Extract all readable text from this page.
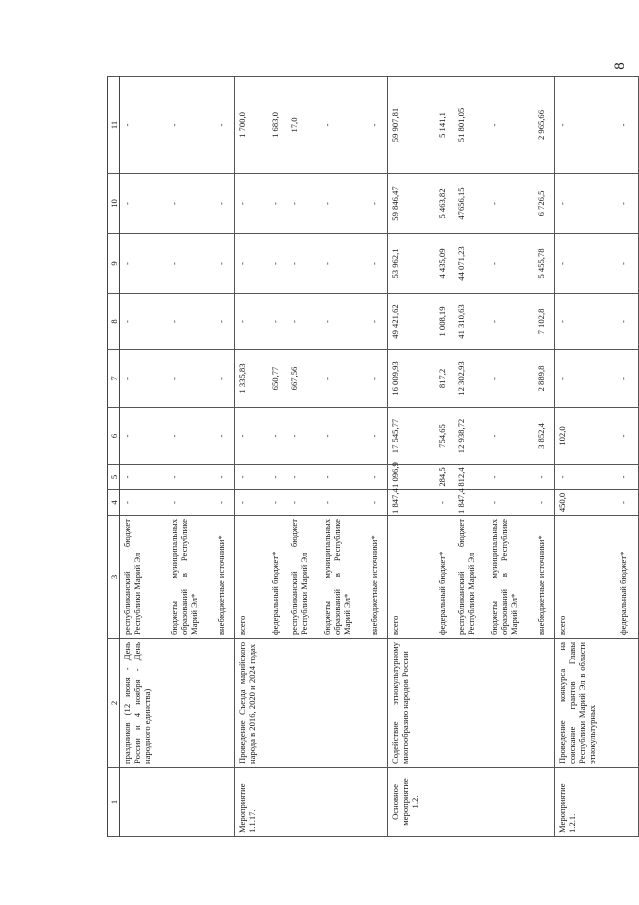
8
1	2	3	4	5	6	7	8	9	10	11
	праздников (12 июня - День России и 4 ноября - День народного единства)	республиканский бюджет Республики Марий Эл	-	-	-	-	-	-	-	-
		бюджеты муниципальных образований в Республике Марий Эл*	-	-	-	-	-	-	-	-
		внебюджетные источники*	-	-	-	-	-	-	-	-
Мероприятие 1.1.17.	Проведение Съезда марийского народа в 2016, 2020 и 2024 годах	всего	-	-	-	1 335,83	-	-	-	1 700,0
		федеральный бюджет*	-	-	-	650,77	-	-	-	1 683,0
		республиканский бюджет Республики Марий Эл	-	-	-	667,56	-	-	-	17,0
		бюджеты муниципальных образований в Республике Марий Эл*	-	-	-	-	-	-	-	-
		внебюджетные источники*	-	-	-	-	-	-	-	-
Основное мероприятие 1.2.	Содействие этнокультурному многообразию народов России	всего	1 847,4	1 096,9	17 545,77	16 009,93	49 421,62	53 962,1	59 846,47	59 907,81
		федеральный бюджет*	-	284,5	754,65	817,2	1 008,19	4 435,09	5 463,82	5 141,1
		республиканский бюджет Республики Марий Эл	1 847,4	812,4	12 938,72	12 302,93	41 310,63	44 071,23	47656,15	51 801,05
		бюджеты муниципальных образований в Республике Марий Эл*	-	-	-	-	-	-	-	-
		внебюджетные источники*	-	-	3 852,4	2 889,8	7 102,8	5 455,78	6 726,5	2 965,66
Мероприятие 1.2.1.	Проведение конкурса на соискание грантов Главы Республики Марий Эл в области этнокультурных	всего	450,0	-	102,0	-	-	-	-	-
		федеральный бюджет*	-	-	-	-	-	-	-	-
